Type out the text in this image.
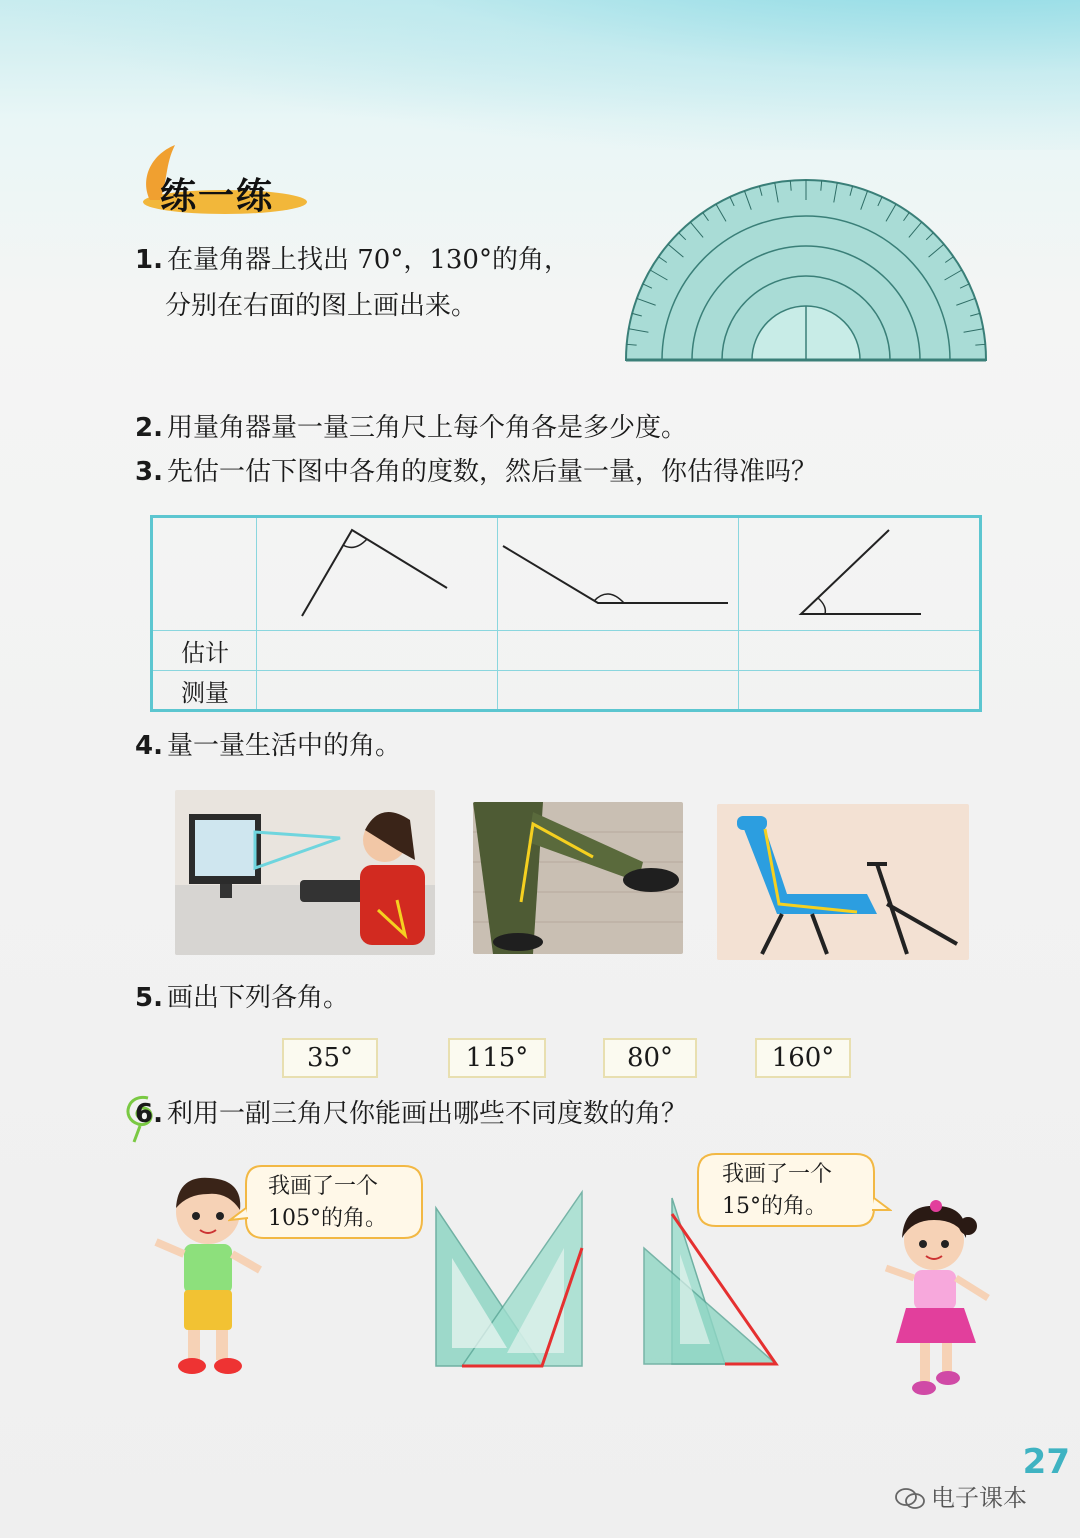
练一练
1. 在量角器上找出 70°，130°的角，
分别在右面的图上画出来。
2. 用量角器量一量三角尺上每个角各是多少度。
3. 先估一估下图中各角的度数，然后量一量，你估得准吗？

估计			
测量			
4. 量一量生活中的角。
5. 画出下列各角。
35°	115°	80°	160°
6. 利用一副三角尺你能画出哪些不同度数的角？
我画了一个
105°的角。
我画了一个
15°的角。
27
电子课本
